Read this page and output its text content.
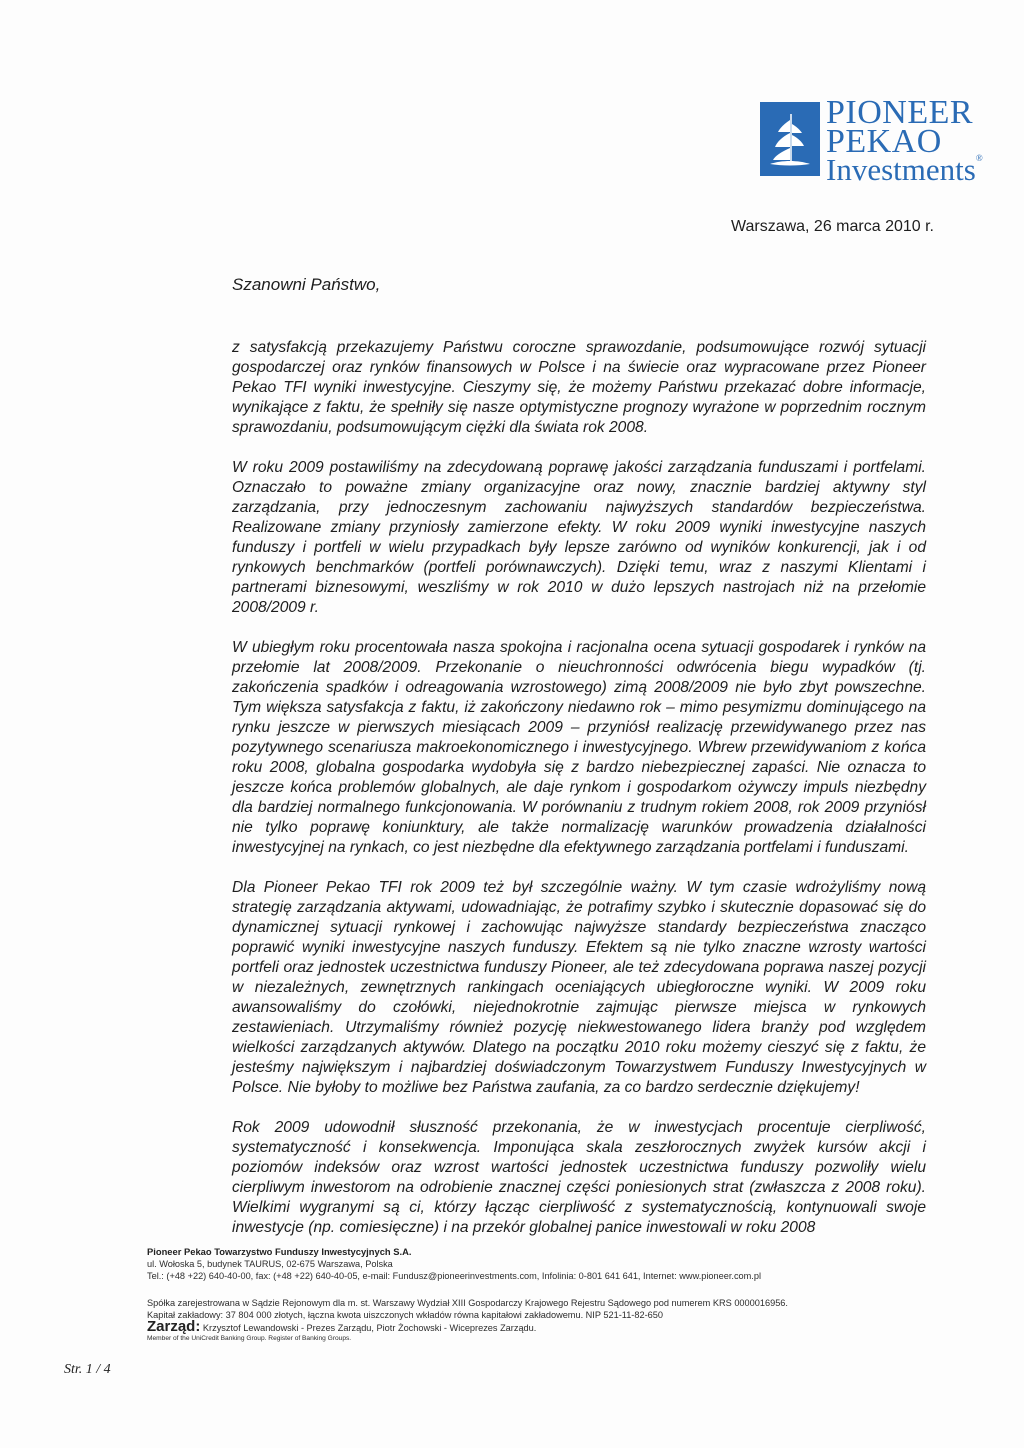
PIONEER
PEKAO
Investments®
Warszawa, 26 marca 2010 r.
Szanowni Państwo,

z satysfakcją przekazujemy Państwu coroczne sprawozdanie, podsumowujące rozwój sytuacji gospodarczej oraz rynków finansowych w Polsce i na świecie oraz wypracowane przez Pioneer Pekao TFI wyniki inwestycyjne. Cieszymy się, że możemy Państwu przekazać dobre informacje, wynikające z faktu, że spełniły się nasze optymistyczne prognozy wyrażone w poprzednim rocznym sprawozdaniu, podsumowującym ciężki dla świata rok 2008.

W roku 2009 postawiliśmy na zdecydowaną poprawę jakości zarządzania funduszami i portfelami. Oznaczało to poważne zmiany organizacyjne oraz nowy, znacznie bardziej aktywny styl zarządzania, przy jednoczesnym zachowaniu najwyższych standardów bezpieczeństwa. Realizowane zmiany przyniosły zamierzone efekty. W roku 2009 wyniki inwestycyjne naszych funduszy i portfeli w wielu przypadkach były lepsze zarówno od wyników konkurencji, jak i od rynkowych benchmarków (portfeli porównawczych). Dzięki temu, wraz z naszymi Klientami i partnerami biznesowymi, weszliśmy w rok 2010 w dużo lepszych nastrojach niż na przełomie 2008/2009 r.

W ubiegłym roku procentowała nasza spokojna i racjonalna ocena sytuacji gospodarek i rynków na przełomie lat 2008/2009. Przekonanie o nieuchronności odwrócenia biegu wypadków (tj. zakończenia spadków i odreagowania wzrostowego) zimą 2008/2009 nie było zbyt powszechne. Tym większa satysfakcja z faktu, iż zakończony niedawno rok – mimo pesymizmu dominującego na rynku jeszcze w pierwszych miesiącach 2009 – przyniósł realizację przewidywanego przez nas pozytywnego scenariusza makroekonomicznego i inwestycyjnego. Wbrew przewidywaniom z końca roku 2008, globalna gospodarka wydobyła się z bardzo niebezpiecznej zapaści. Nie oznacza to jeszcze końca problemów globalnych, ale daje rynkom i gospodarkom ożywczy impuls niezbędny dla bardziej normalnego funkcjonowania. W porównaniu z trudnym rokiem 2008, rok 2009 przyniósł nie tylko poprawę koniunktury, ale także normalizację warunków prowadzenia działalności inwestycyjnej na rynkach, co jest niezbędne dla efektywnego zarządzania portfelami i funduszami.

Dla Pioneer Pekao TFI rok 2009 też był szczególnie ważny. W tym czasie wdrożyliśmy nową strategię zarządzania aktywami, udowadniając, że potrafimy szybko i skutecznie dopasować się do dynamicznej sytuacji rynkowej i zachowując najwyższe standardy bezpieczeństwa znacząco poprawić wyniki inwestycyjne naszych funduszy. Efektem są nie tylko znaczne wzrosty wartości portfeli oraz jednostek uczestnictwa funduszy Pioneer, ale też zdecydowana poprawa naszej pozycji w niezależnych, zewnętrznych rankingach oceniających ubiegłoroczne wyniki. W 2009 roku awansowaliśmy do czołówki, niejednokrotnie zajmując pierwsze miejsca w rynkowych zestawieniach. Utrzymaliśmy również pozycję niekwestowanego lidera branży pod względem wielkości zarządzanych aktywów. Dlatego na początku 2010 roku możemy cieszyć się z faktu, że jesteśmy największym i najbardziej doświadczonym Towarzystwem Funduszy Inwestycyjnych w Polsce. Nie byłoby to możliwe bez Państwa zaufania, za co bardzo serdecznie dziękujemy!

Rok 2009 udowodnił słuszność przekonania, że w inwestycjach procentuje cierpliwość, systematyczność i konsekwencja. Imponująca skala zeszłorocznych zwyżek kursów akcji i poziomów indeksów oraz wzrost wartości jednostek uczestnictwa funduszy pozwoliły wielu cierpliwym inwestorom na odrobienie znacznej części poniesionych strat (zwłaszcza z 2008 roku). Wielkimi wygranymi są ci, którzy łącząc cierpliwość z systematycznością, kontynuowali swoje inwestycje (np. comiesięczne) i na przekór globalnej panice inwestowali w roku 2008

Pioneer Pekao Towarzystwo Funduszy Inwestycyjnych S.A.
ul. Wołoska 5, budynek TAURUS, 02-675 Warszawa, Polska
Tel.: (+48 +22) 640-40-00, fax: (+48 +22) 640-40-05, e-mail: Fundusz@pioneerinvestments.com, Infolinia: 0-801 641 641, Internet: www.pioneer.com.pl
Spółka zarejestrowana w Sądzie Rejonowym dla m. st. Warszawy Wydział XIII Gospodarczy Krajowego Rejestru Sądowego pod numerem KRS 0000016956.
Kapitał zakładowy: 37 804 000 złotych, łączna kwota uiszczonych wkładów równa kapitałowi zakładowemu. NIP 521-11-82-650
Zarząd: Krzysztof Lewandowski - Prezes Zarządu, Piotr Żochowski - Wiceprezes Zarządu.
Member of the UniCredit Banking Group. Register of Banking Groups.
Str. 1 / 4
